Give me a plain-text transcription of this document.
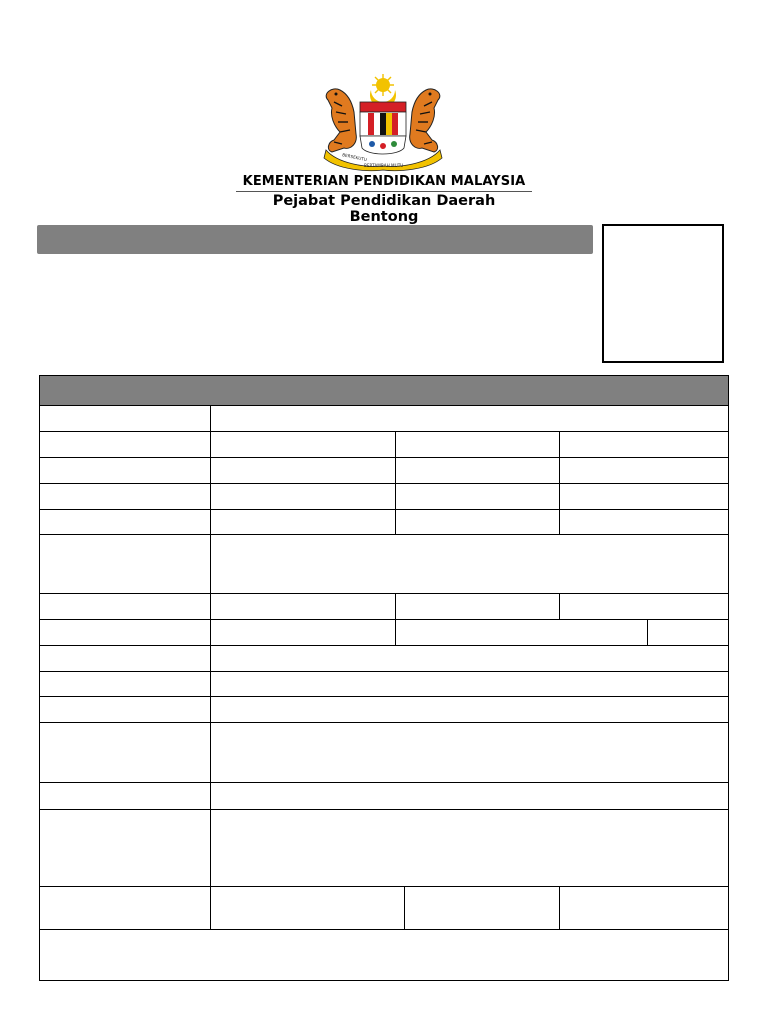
BERSEKUTU
BERTAMBAH MUTU
KEMENTERIAN PENDIDIKAN MALAYSIA
Pejabat Pendidikan Daerah Bentong
